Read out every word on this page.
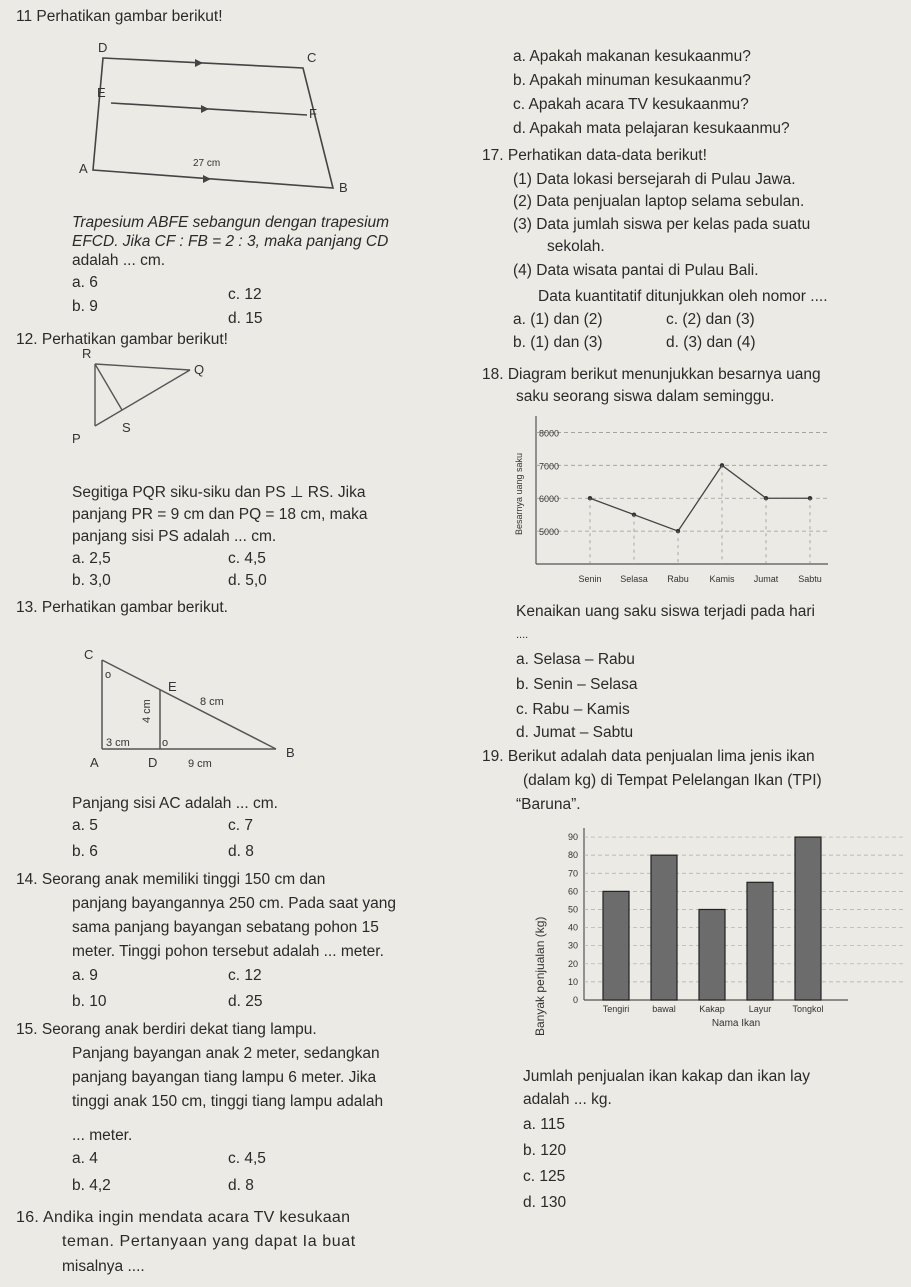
11 Perhatikan gambar berikut!
D
C
E
F
A
B
27 cm
Trapesium ABFE sebangun dengan trapesium
EFCD. Jika CF : FB = 2 : 3, maka panjang CD
adalah ... cm.
a. 6
c. 12
b. 9
d. 15
12. Perhatikan gambar berikut!
R
Q
S
P
Segitiga PQR siku-siku dan PS ⊥ RS. Jika
panjang PR = 9 cm dan PQ = 18 cm, maka
panjang sisi PS adalah ... cm.
a. 2,5	c. 4,5
b. 3,0	d. 5,0
13. Perhatikan gambar berikut.
C
E
A	D
B
8 cm
4 cm
3 cm
9 cm
o
o
Panjang sisi AC adalah ... cm.
a. 5	c. 7
b. 6	d. 8
14. Seorang anak memiliki tinggi 150 cm dan
panjang bayangannya 250 cm. Pada saat yang
sama panjang bayangan sebatang pohon 15
meter. Tinggi pohon tersebut adalah ... meter.
a. 9	c. 12
b. 10	d. 25
15. Seorang anak berdiri dekat tiang lampu.
Panjang bayangan anak 2 meter, sedangkan
panjang bayangan tiang lampu 6 meter. Jika
tinggi anak 150 cm, tinggi tiang lampu adalah
... meter.
a. 4	c. 4,5
b. 4,2	d. 8
16. Andika ingin mendata acara TV kesukaan
teman. Pertanyaan yang dapat Ia buat
misalnya ....
a. Apakah makanan kesukaanmu?
b. Apakah minuman kesukaanmu?
c. Apakah acara TV kesukaanmu?
d. Apakah mata pelajaran kesukaanmu?
17. Perhatikan data-data berikut!
(1) Data lokasi bersejarah di Pulau Jawa.
(2) Data penjualan laptop selama sebulan.
(3) Data jumlah siswa per kelas pada suatu
sekolah.
(4) Data wisata pantai di Pulau Bali.
Data kuantitatif ditunjukkan oleh nomor ....
a. (1) dan (2)	c. (2) dan (3)
b. (1) dan (3)	d. (3) dan (4)
18. Diagram berikut menunjukkan besarnya uang
saku seorang siswa dalam seminggu.
5000
6000
7000
8000
Besarnya uang saku
Senin Selasa Rabu Kamis Jumat Sabtu
Kenaikan uang saku siswa terjadi pada hari
....
a. Selasa – Rabu
b. Senin – Selasa
c. Rabu – Kamis
d. Jumat – Sabtu
19. Berikut adalah data penjualan lima jenis ikan
(dalam kg) di Tempat Pelelangan Ikan (TPI)
“Baruna”.
0
10
20
30
40
50
60
70
80
90
Banyak penjualan (kg)	Tengiri	bawal	Kakap	Layur Tongkol
Nama Ikan
Jumlah penjualan ikan kakap dan ikan lay
adalah ... kg.
a. 115
b. 120
c. 125
d. 130
